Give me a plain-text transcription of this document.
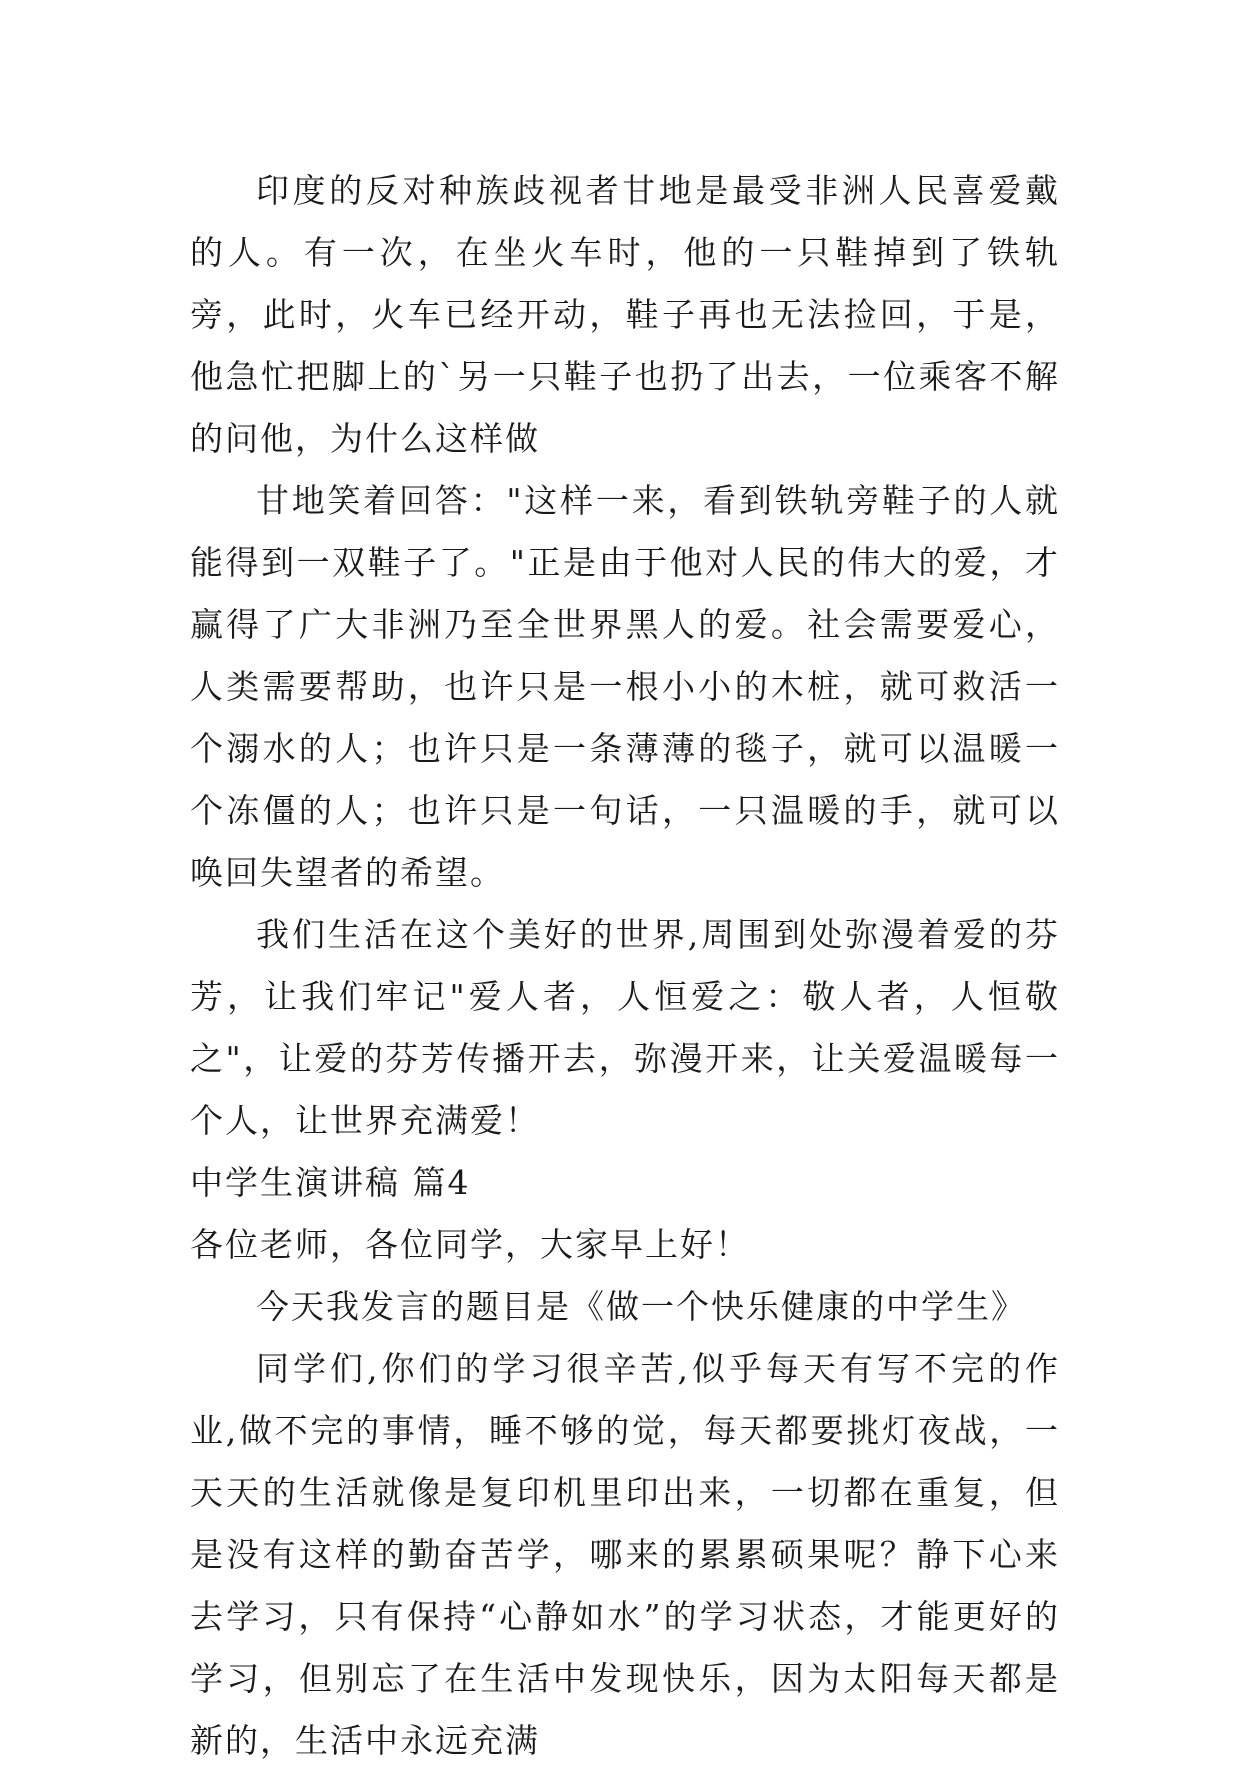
印度的反对种族歧视者甘地是最受非洲人民喜爱戴的人。有一次，在坐火车时，他的一只鞋掉到了铁轨旁，此时，火车已经开动，鞋子再也无法捡回，于是，他急忙把脚上的`另一只鞋子也扔了出去，一位乘客不解的问他，为什么这样做

甘地笑着回答："这样一来，看到铁轨旁鞋子的人就能得到一双鞋子了。"正是由于他对人民的伟大的爱，才赢得了广大非洲乃至全世界黑人的爱。社会需要爱心，人类需要帮助，也许只是一根小小的木桩，就可救活一个溺水的人；也许只是一条薄薄的毯子，就可以温暖一个冻僵的人；也许只是一句话，一只温暖的手，就可以唤回失望者的希望。

我们生活在这个美好的世界,周围到处弥漫着爱的芬芳，让我们牢记"爱人者，人恒爱之：敬人者，人恒敬之"，让爱的芬芳传播开去，弥漫开来，让关爱温暖每一个人，让世界充满爱！

中学生演讲稿 篇4

各位老师，各位同学，大家早上好！

今天我发言的题目是《做一个快乐健康的中学生》

同学们,你们的学习很辛苦,似乎每天有写不完的作业,做不完的事情，睡不够的觉，每天都要挑灯夜战，一天天的生活就像是复印机里印出来，一切都在重复，但是没有这样的勤奋苦学，哪来的累累硕果呢？静下心来去学习，只有保持“心静如水”的学习状态，才能更好的学习，但别忘了在生活中发现快乐，因为太阳每天都是新的，生活中永远充满
